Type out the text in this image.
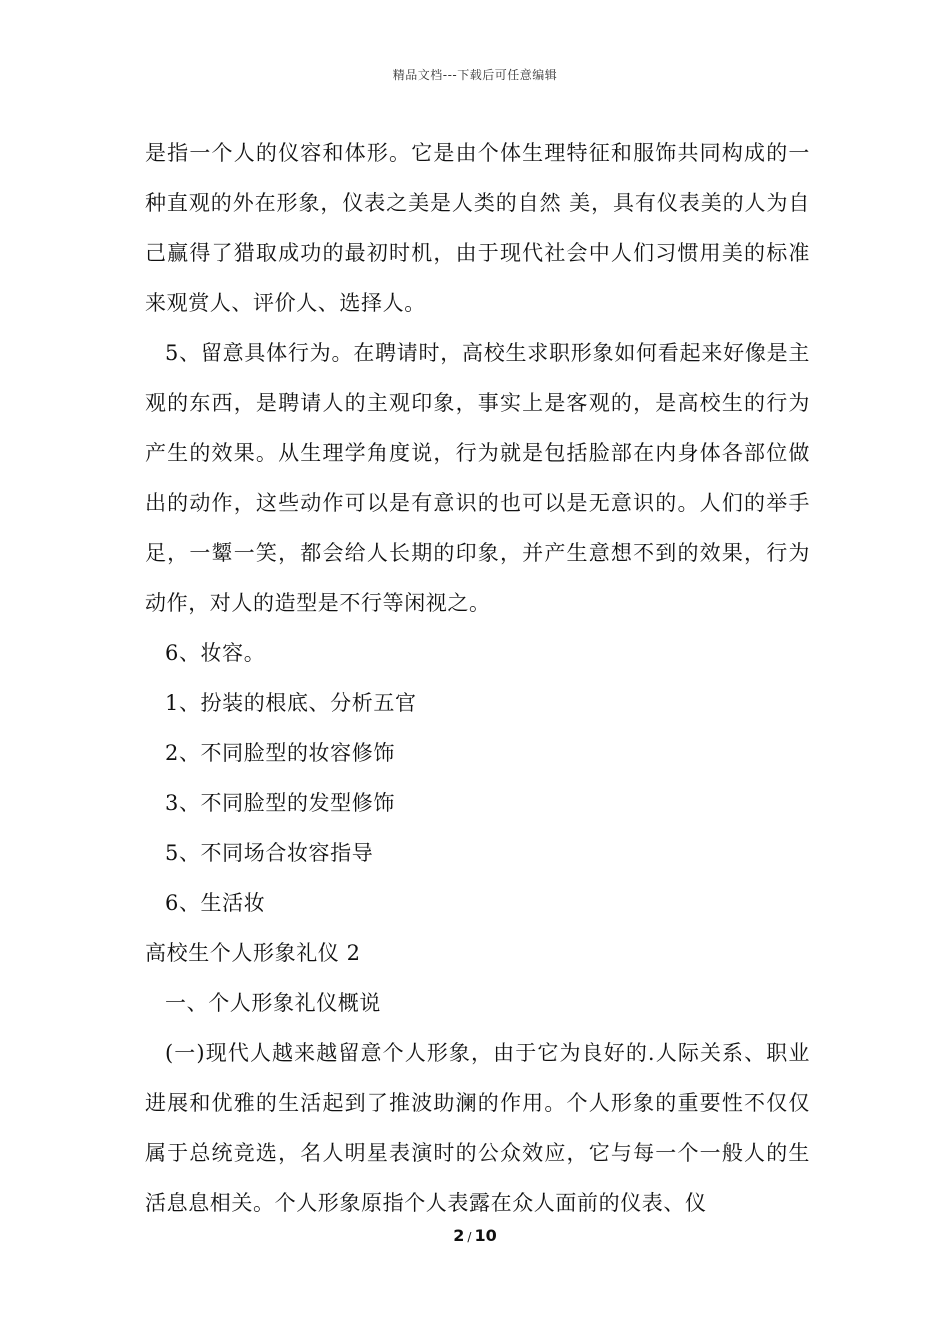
精品文档---下载后可任意编辑

是指一个人的仪容和体形。它是由个体生理特征和服饰共同构成的一种直观的外在形象，仪表之美是人类的自然 美，具有仪表美的人为自己赢得了猎取成功的最初时机，由于现代社会中人们习惯用美的标准来观赏人、评价人、选择人。

5、留意具体行为。在聘请时，高校生求职形象如何看起来好像是主观的东西，是聘请人的主观印象，事实上是客观的，是高校生的行为产生的效果。从生理学角度说，行为就是包括脸部在内身体各部位做出的动作，这些动作可以是有意识的也可以是无意识的。人们的举手足，一颦一笑，都会给人长期的印象，并产生意想不到的效果，行为动作，对人的造型是不行等闲视之。

6、妆容。

1、扮装的根底、分析五官

2、不同脸型的妆容修饰

3、不同脸型的发型修饰

5、不同场合妆容指导

6、生活妆

高校生个人形象礼仪 2

一、个人形象礼仪概说

(一)现代人越来越留意个人形象，由于它为良好的.人际关系、职业进展和优雅的生活起到了推波助澜的作用。个人形象的重要性不仅仅属于总统竞选，名人明星表演时的公众效应，它与每一个一般人的生活息息相关。个人形象原指个人表露在众人面前的仪表、仪

2 / 10
